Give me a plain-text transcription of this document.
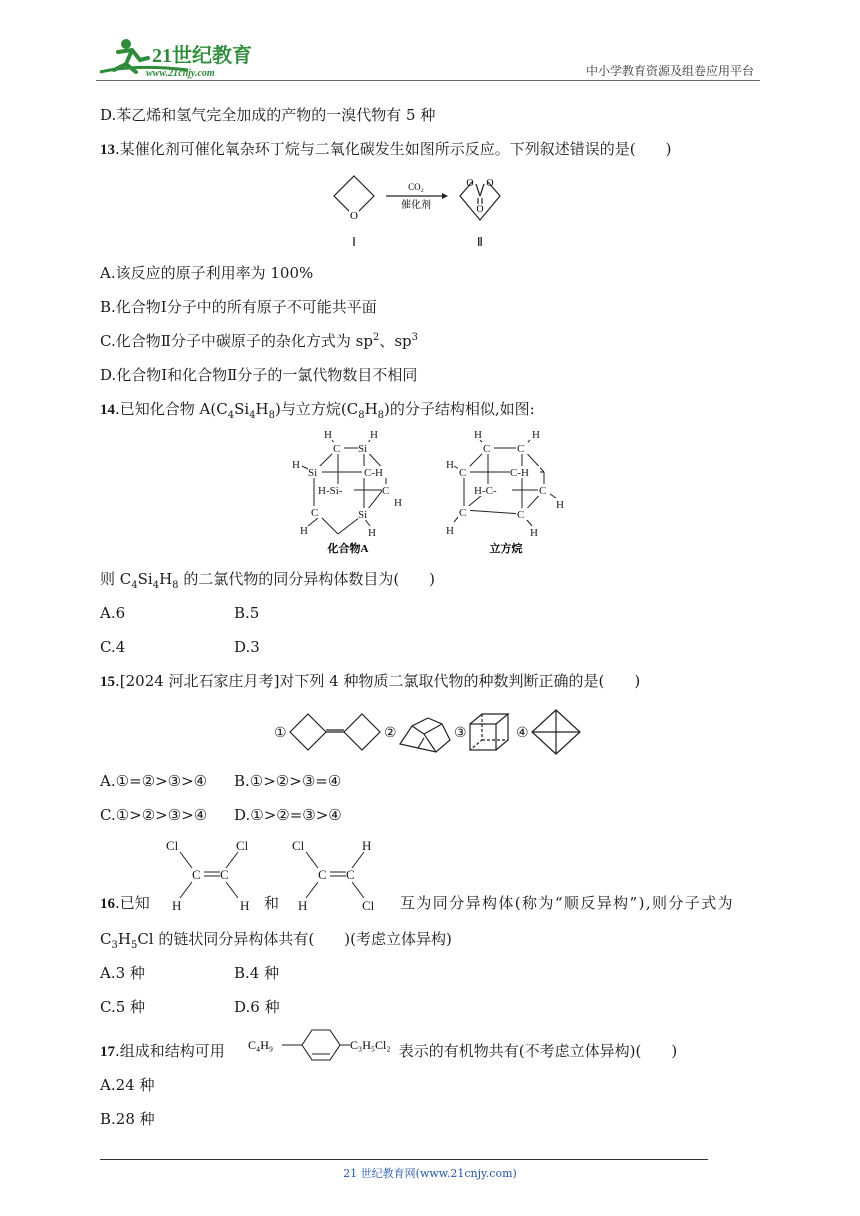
21世纪教育
www.21cnjy.com	中小学教育资源及组卷应用平台
D.苯乙烯和氢气完全加成的产物的一溴代物有 5 种
13.某催化剂可催化氧杂环丁烷与二氧化碳发生如图所示反应。下列叙述错误的是( )
O
CO₂
催化剂
O O
O
Ⅰ	Ⅱ
A.该反应的原子利用率为 100%
B.化合物Ⅰ分子中的所有原子不可能共平面
C.化合物Ⅱ分子中碳原子的杂化方式为 $sp^2$、$sp^3$
D.化合物Ⅰ和化合物Ⅱ分子的一氯代物数目不相同
14.已知化合物 $A(C_4Si_4H_8)$与立方烷$(C_8H_8)$的分子结构相似,如图:
C Si
Si	C-H
H-Si-	C
C	Si
H	H
H
H
H	H
C C
C	C-H
H-C-	C
C	C
H	H
H
H
H	H
化合物A	立方烷
则 $C_4Si_4H_8$ 的二氯代物的同分异构体数目为( )
A.6	B.5
C.4	D.3
15.[2024 河北石家庄月考]对下列 4 种物质二氯取代物的种数判断正确的是( )
①	②	③	④
A.①=②>③>④ B.①>②>③=④
C.①>②>③>④ D.①>②=③>④
Cl	Cl
C C
H	H
Cl	H
C C
H	Cl
16.已知	和	互为同分异构体(称为“顺反异构”),则分子式为
$C_3H_5Cl$ 的链状同分异构体共有( )(考虑立体异构)
A.3 种	B.4 种
C.5 种	D.6 种
C₄H₉	C₃H₅Cl₂
17.组成和结构可用	表示的有机物共有(不考虑立体异构)( )
A.24 种
B.28 种
21 世纪教育网(www.21cnjy.com)
